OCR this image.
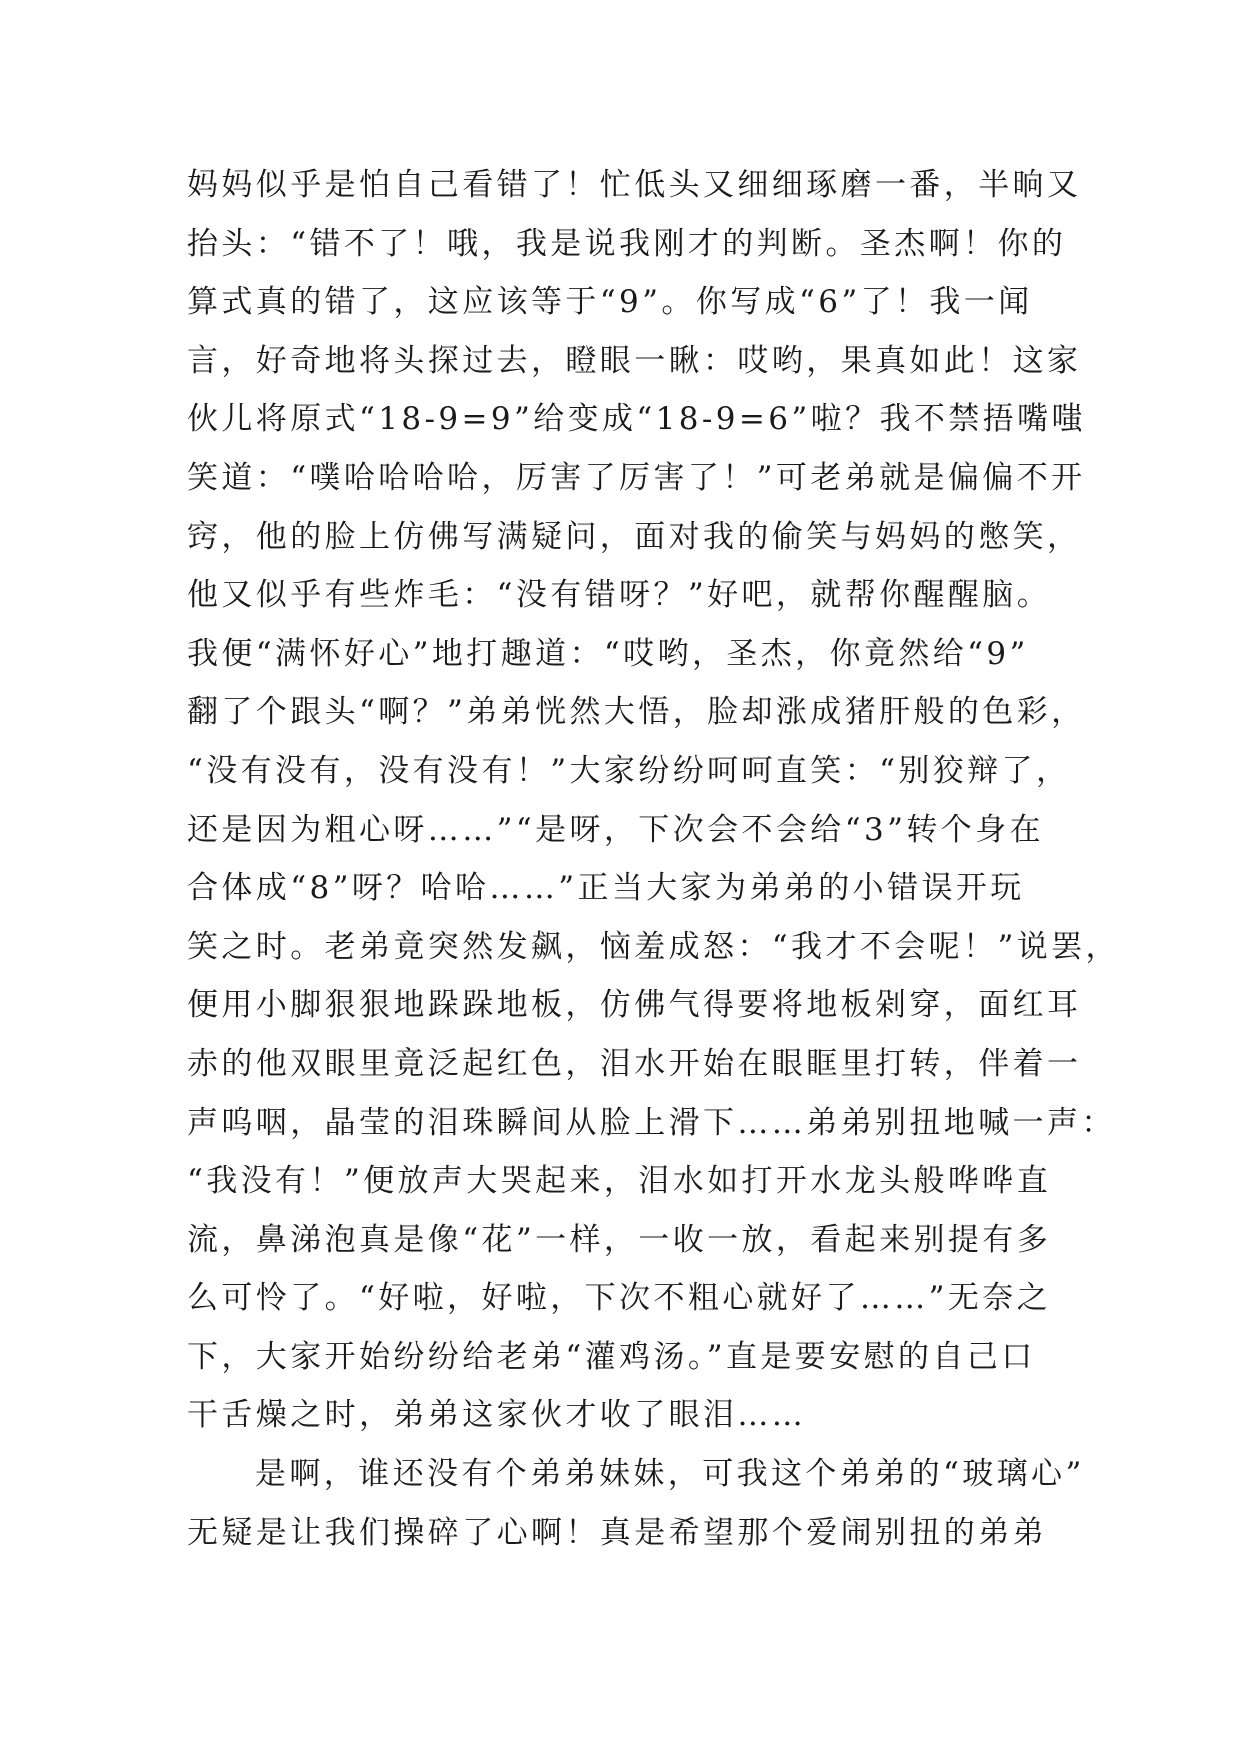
妈妈似乎是怕自己看错了！忙低头又细细琢磨一番，半晌又
抬头：“错不了！哦，我是说我刚才的判断。圣杰啊！你的
算式真的错了，这应该等于“9”。你写成“6”了！我一闻
言，好奇地将头探过去，瞪眼一瞅：哎哟，果真如此！这家
伙儿将原式“18-9=9”给变成“18-9=6”啦？我不禁捂嘴嗤
笑道：“噗哈哈哈哈，厉害了厉害了！”可老弟就是偏偏不开
窍，他的脸上仿佛写满疑问，面对我的偷笑与妈妈的憋笑，
他又似乎有些炸毛：“没有错呀？”好吧，就帮你醒醒脑。
我便“满怀好心”地打趣道：“哎哟，圣杰，你竟然给“9”
翻了个跟头“啊？”弟弟恍然大悟，脸却涨成猪肝般的色彩，
“没有没有，没有没有！”大家纷纷呵呵直笑：“别狡辩了，
还是因为粗心呀……”“是呀，下次会不会给“3”转个身在
合体成“8”呀？哈哈……”正当大家为弟弟的小错误开玩
笑之时。老弟竟突然发飙，恼羞成怒：“我才不会呢！”说罢，
便用小脚狠狠地跺跺地板，仿佛气得要将地板剁穿，面红耳
赤的他双眼里竟泛起红色，泪水开始在眼眶里打转，伴着一
声呜咽，晶莹的泪珠瞬间从脸上滑下……弟弟别扭地喊一声：
“我没有！”便放声大哭起来，泪水如打开水龙头般哗哗直
流，鼻涕泡真是像“花”一样，一收一放，看起来别提有多
么可怜了。“好啦，好啦，下次不粗心就好了……”无奈之
下，大家开始纷纷给老弟“灌鸡汤。”直是要安慰的自己口
干舌燥之时，弟弟这家伙才收了眼泪……
是啊，谁还没有个弟弟妹妹，可我这个弟弟的“玻璃心”
无疑是让我们操碎了心啊！真是希望那个爱闹别扭的弟弟
